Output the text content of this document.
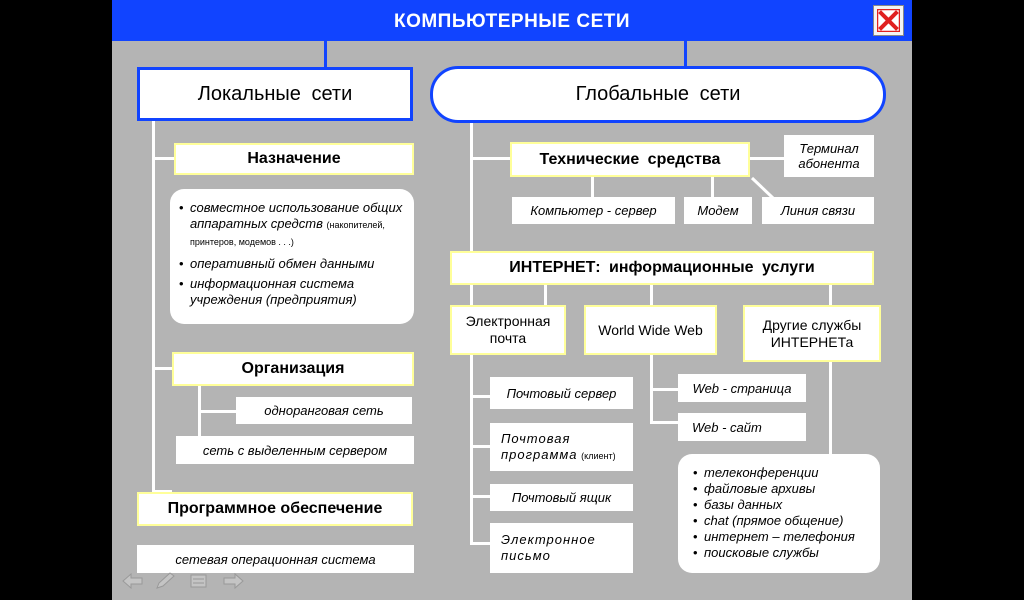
КОМПЬЮТЕРНЫЕ СЕТИ
Локальные сети
Назначение
• совместное использование общих аппаратных средств (накопителей, принтеров, модемов . . .)
• оперативный обмен данными
• информационная система учреждения (предприятия)
Организация
одноранговая сеть
сеть с выделенным сервером
Программное обеспечение
сетевая операционная система
Глобальные сети
Технические средства
Терминал абонента
Компьютер - сервер	Модем	Линия связи
ИНТЕРНЕТ: информационные услуги
Электронная почта	World Wide Web	Другие службы ИНТЕРНЕТа
Почтовый сервер
Почтовая программа (клиент)
Почтовый ящик
Электронное письмо
Web - страница
Web - сайт
• телеконференции
• файловые архивы
• базы данных
• chat (прямое общение)
• интернет – телефония
• поисковые службы
